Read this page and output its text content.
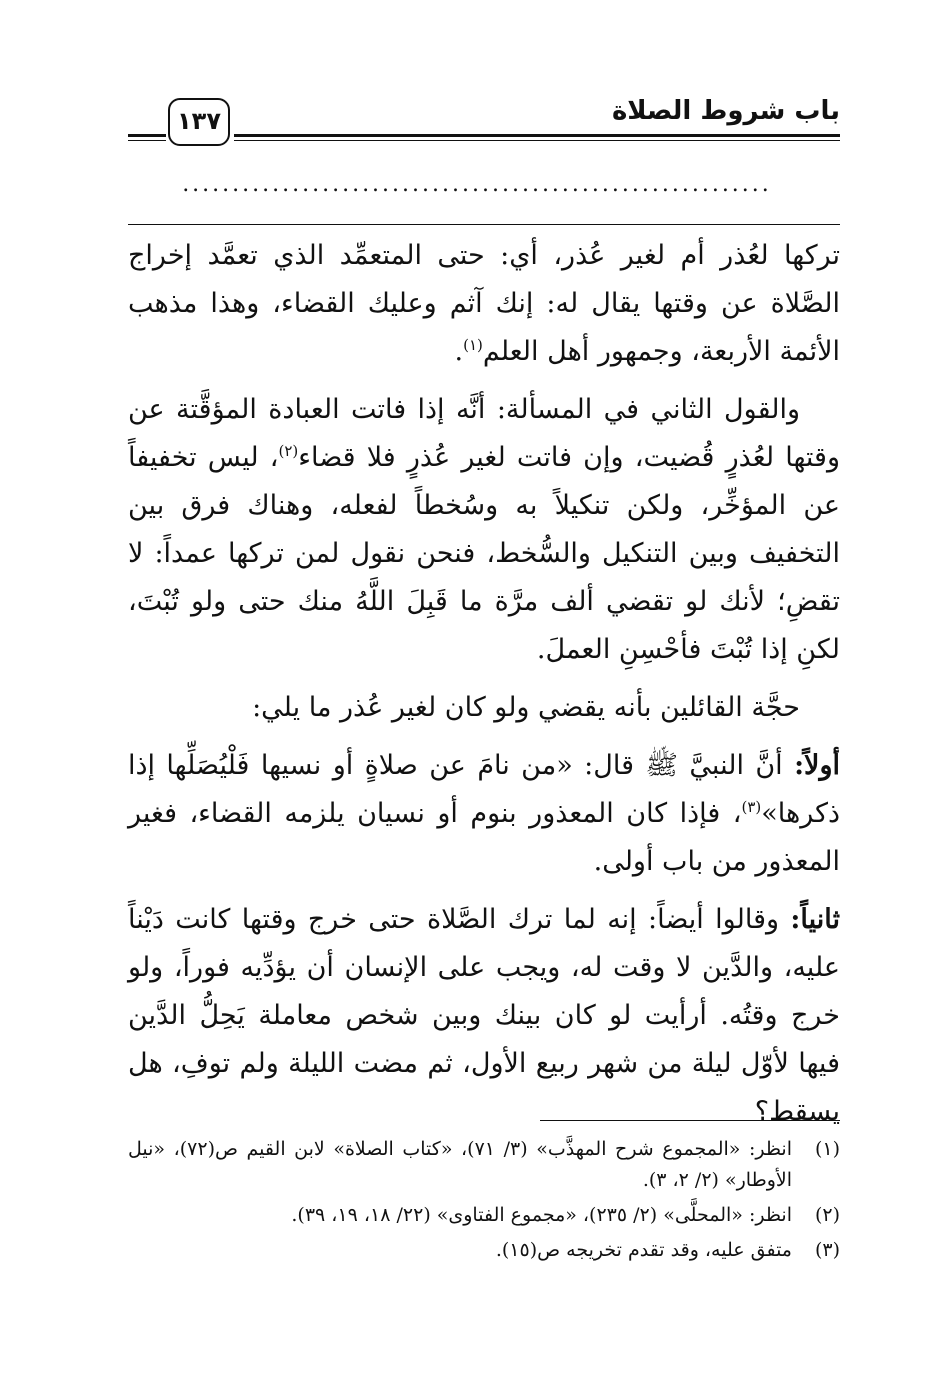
باب شروط الصلاة
١٣٧
...........................................................

تركها لعُذر أم لغير عُذر، أي: حتى المتعمِّد الذي تعمَّد إخراج الصَّلاة عن وقتها يقال له: إنك آثم وعليك القضاء، وهذا مذهب الأئمة الأربعة، وجمهور أهل العلم$^{(١)}$.

والقول الثاني في المسألة: أنَّه إذا فاتت العبادة المؤقَّتة عن وقتها لعُذرٍ قُضيت، وإن فاتت لغير عُذرٍ فلا قضاء$^{(٢)}$، ليس تخفيفاً عن المؤخِّر، ولكن تنكيلاً به وسُخطاً لفعله، وهناك فرق بين التخفيف وبين التنكيل والسُّخط، فنحن نقول لمن تركها عمداً: لا تقضِ؛ لأنك لو تقضي ألف مرَّة ما قَبِلَ اللَّهُ منك حتى ولو تُبْتَ، لكنِ إذا تُبْتَ فأحْسِنِ العملَ.

حجَّة القائلين بأنه يقضي ولو كان لغير عُذر ما يلي:

أولاً: أنَّ النبيَّ ﷺ قال: «من نامَ عن صلاةٍ أو نسيها فَلْيُصَلِّها إذا ذكرها»$^{(٣)}$، فإذا كان المعذور بنوم أو نسيان يلزمه القضاء، فغير المعذور من باب أولى.

ثانياً: وقالوا أيضاً: إنه لما ترك الصَّلاة حتى خرج وقتها كانت دَيْناً عليه، والدَّين لا وقت له، ويجب على الإنسان أن يؤدِّيه فوراً، ولو خرج وقتُه. أرأيت لو كان بينك وبين شخص معاملة يَحِلُّ الدَّين فيها لأوّل ليلة من شهر ربيع الأول، ثم مضت الليلة ولم توفِ، هل يسقط؟

(١)
انظر: «المجموع شرح المهذَّب» (٣/ ٧١)، «كتاب الصلاة» لابن القيم ص(٧٢)، «نيل الأوطار» (٢/ ٢، ٣).
(٢)
انظر: «المحلَّى» (٢/ ٢٣٥)، «مجموع الفتاوى» (٢٢/ ١٨، ١٩، ٣٩).
(٣)
متفق عليه، وقد تقدم تخريجه ص(١٥).
